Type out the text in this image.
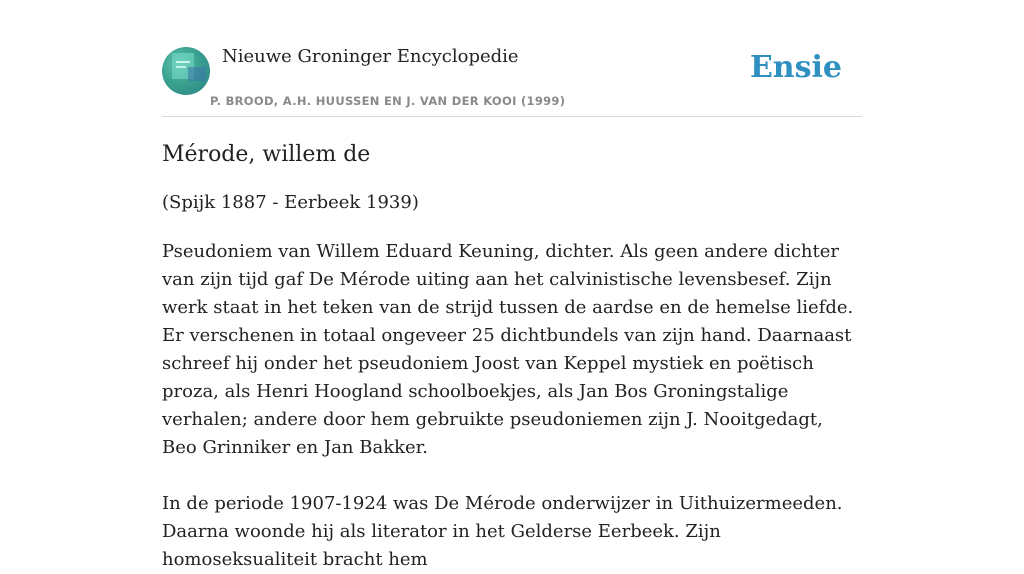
Nieuwe Groninger Encyclopedie
P. BROOD, A.H. HUUSSEN EN J. VAN DER KOOI (1999)
Ensie
Mérode, willem de
(Spijk 1887 - Eerbeek 1939)

Pseudoniem van Willem Eduard Keuning, dichter. Als geen andere dichter van zijn tijd gaf De Mérode uiting aan het calvinistische levensbesef. Zijn werk staat in het teken van de strijd tussen de aardse en de hemelse liefde. Er verschenen in totaal ongeveer 25 dichtbundels van zijn hand. Daarnaast schreef hij onder het pseudoniem Joost van Keppel mystiek en poëtisch proza, als Henri Hoogland schoolboekjes, als Jan Bos Groningstalige verhalen; andere door hem gebruikte pseudoniemen zijn J. Nooitgedagt, Beo Grinniker en Jan Bakker.

In de periode 1907-1924 was De Mérode onderwijzer in Uithuizermeeden. Daarna woonde hij als literator in het Gelderse Eerbeek. Zijn homoseksualiteit bracht hem
